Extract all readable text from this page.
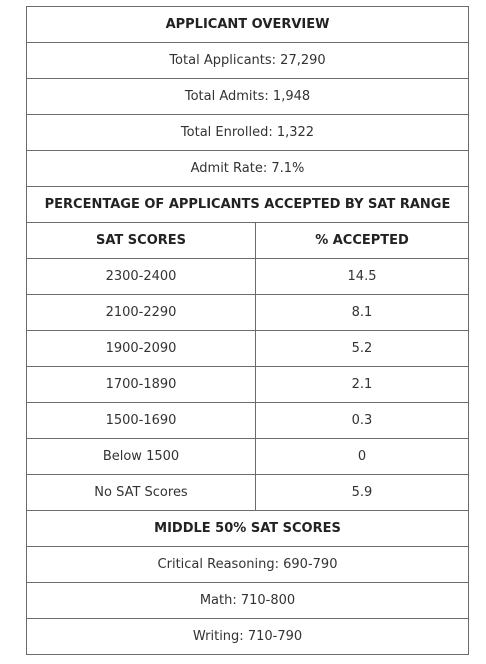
APPLICANT OVERVIEW	
Total Applicants: 27,290	
Total Admits: 1,948	
Total Enrolled: 1,322	
Admit Rate: 7.1%	
PERCENTAGE OF APPLICANTS ACCEPTED BY SAT RANGE	
SAT SCORES	% ACCEPTED
2300-2400	14.5
2100-2290	8.1
1900-2090	5.2
1700-1890	2.1
1500-1690	0.3
Below 1500	0
No SAT Scores	5.9
MIDDLE 50% SAT SCORES	
Critical Reasoning: 690-790	
Math: 710-800	
Writing: 710-790	
